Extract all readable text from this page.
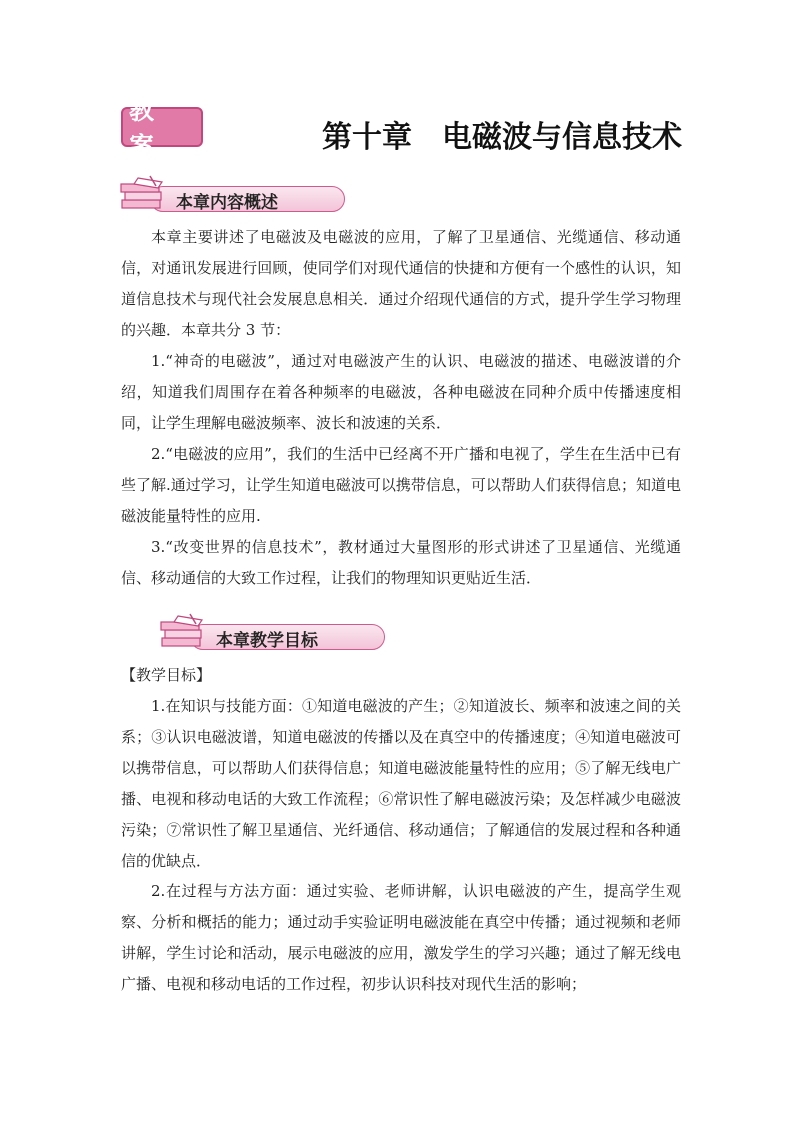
教 案	第十章　电磁波与信息技术
本章内容概述

本章主要讲述了电磁波及电磁波的应用，了解了卫星通信、光缆通信、移动通信，对通讯发展进行回顾，使同学们对现代通信的快捷和方便有一个感性的认识，知道信息技术与现代社会发展息息相关．通过介绍现代通信的方式，提升学生学习物理的兴趣．本章共分 3 节：

1.“神奇的电磁波”，通过对电磁波产生的认识、电磁波的描述、电磁波谱的介绍，知道我们周围存在着各种频率的电磁波，各种电磁波在同种介质中传播速度相同，让学生理解电磁波频率、波长和波速的关系．

2.“电磁波的应用”，我们的生活中已经离不开广播和电视了，学生在生活中已有些了解.通过学习，让学生知道电磁波可以携带信息，可以帮助人们获得信息；知道电磁波能量特性的应用.

3.“改变世界的信息技术”，教材通过大量图形的形式讲述了卫星通信、光缆通信、移动通信的大致工作过程，让我们的物理知识更贴近生活．

本章教学目标

【教学目标】

1.在知识与技能方面：①知道电磁波的产生；②知道波长、频率和波速之间的关系；③认识电磁波谱，知道电磁波的传播以及在真空中的传播速度；④知道电磁波可以携带信息，可以帮助人们获得信息；知道电磁波能量特性的应用；⑤了解无线电广播、电视和移动电话的大致工作流程；⑥常识性了解电磁波污染；及怎样减少电磁波污染；⑦常识性了解卫星通信、光纤通信、移动通信；了解通信的发展过程和各种通信的优缺点．

2.在过程与方法方面：通过实验、老师讲解，认识电磁波的产生，提高学生观察、分析和概括的能力；通过动手实验证明电磁波能在真空中传播；通过视频和老师讲解，学生讨论和活动，展示电磁波的应用，激发学生的学习兴趣；通过了解无线电广播、电视和移动电话的工作过程，初步认识科技对现代生活的影响；
